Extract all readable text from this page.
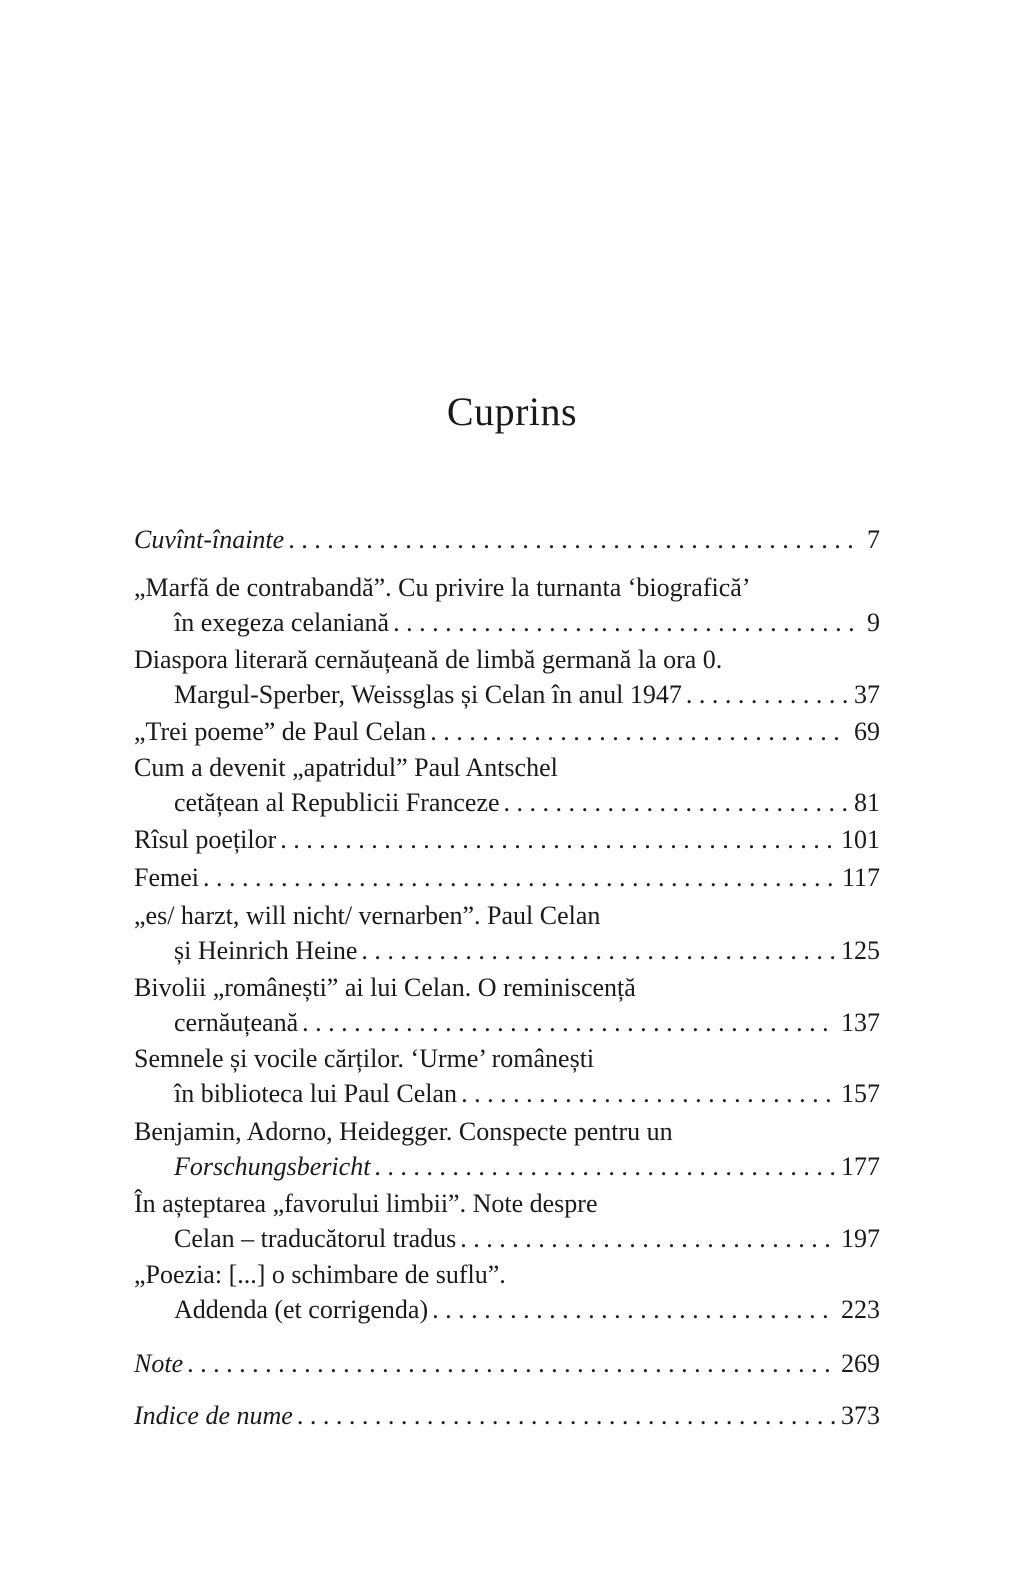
Cuprins
Cuvînt-înainte . . .	7
„Marfă de contrabandă”. Cu privire la turnanta ‘biografică’
în exegeza celaniană . . .	9
Diaspora literară cernăuțeană de limbă germană la ora 0.
Margul-Sperber, Weissglas și Celan în anul 1947 . . .	37
„Trei poeme” de Paul Celan . . .	69
Cum a devenit „apatridul” Paul Antschel
cetățean al Republicii Franceze . . .	81
Rîsul poeților . . .	101
Femei . . .	117
„es/ harzt, will nicht/ vernarben”. Paul Celan
și Heinrich Heine . . .	125
Bivolii „românești” ai lui Celan. O reminiscență
cernăuțeană . . .	137
Semnele și vocile cărților. ‘Urme’ românești
în biblioteca lui Paul Celan . . .	157
Benjamin, Adorno, Heidegger. Conspecte pentru un
Forschungsbericht . . .	177
În așteptarea „favorului limbii”. Note despre
Celan – traducătorul tradus . . .	197
„Poezia: [...] o schimbare de suflu”.
Addenda (et corrigenda) . . .	223
Note . . .	269
Indice de nume . . .	373
